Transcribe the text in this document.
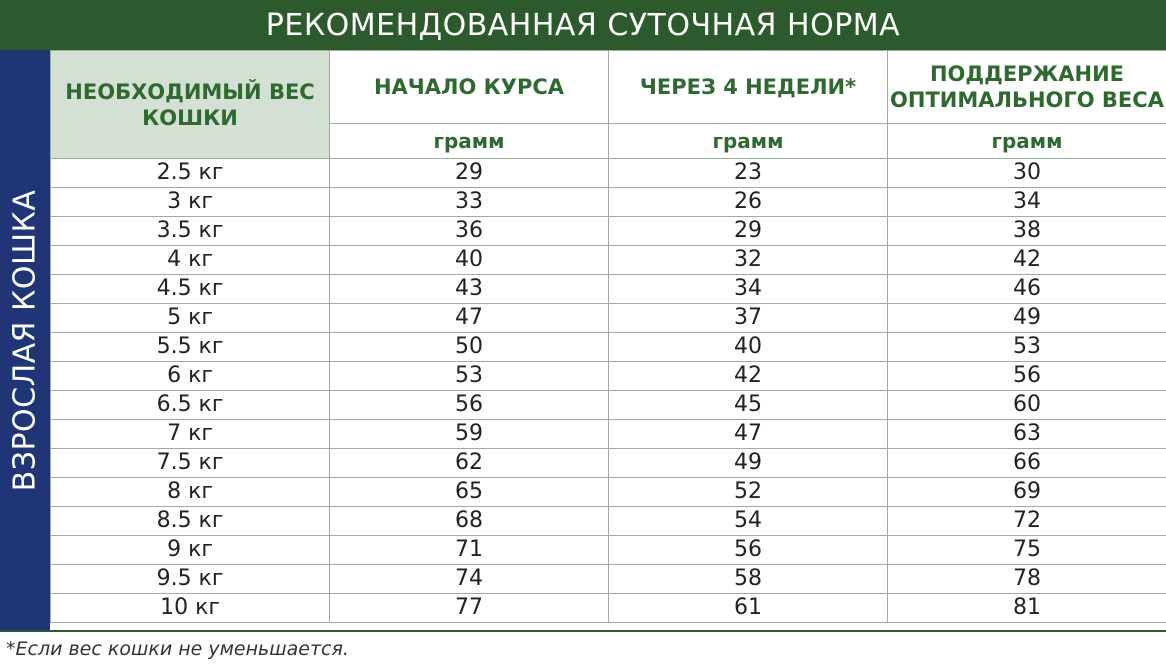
РЕКОМЕНДОВАННАЯ СУТОЧНАЯ НОРМА
ВЗРОСЛАЯ КОШКА
НЕОБХОДИМЫЙ ВЕС КОШКИ	НАЧАЛО КУРСА	ЧЕРЕЗ 4 НЕДЕЛИ*	ПОДДЕРЖАНИЕ ОПТИМАЛЬНОГО ВЕСА
	грамм	грамм	грамм
2.5 кг	29	23	30
3 кг	33	26	34
3.5 кг	36	29	38
4 кг	40	32	42
4.5 кг	43	34	46
5 кг	47	37	49
5.5 кг	50	40	53
6 кг	53	42	56
6.5 кг	56	45	60
7 кг	59	47	63
7.5 кг	62	49	66
8 кг	65	52	69
8.5 кг	68	54	72
9 кг	71	56	75
9.5 кг	74	58	78
10 кг	77	61	81
*Если вес кошки не уменьшается.
